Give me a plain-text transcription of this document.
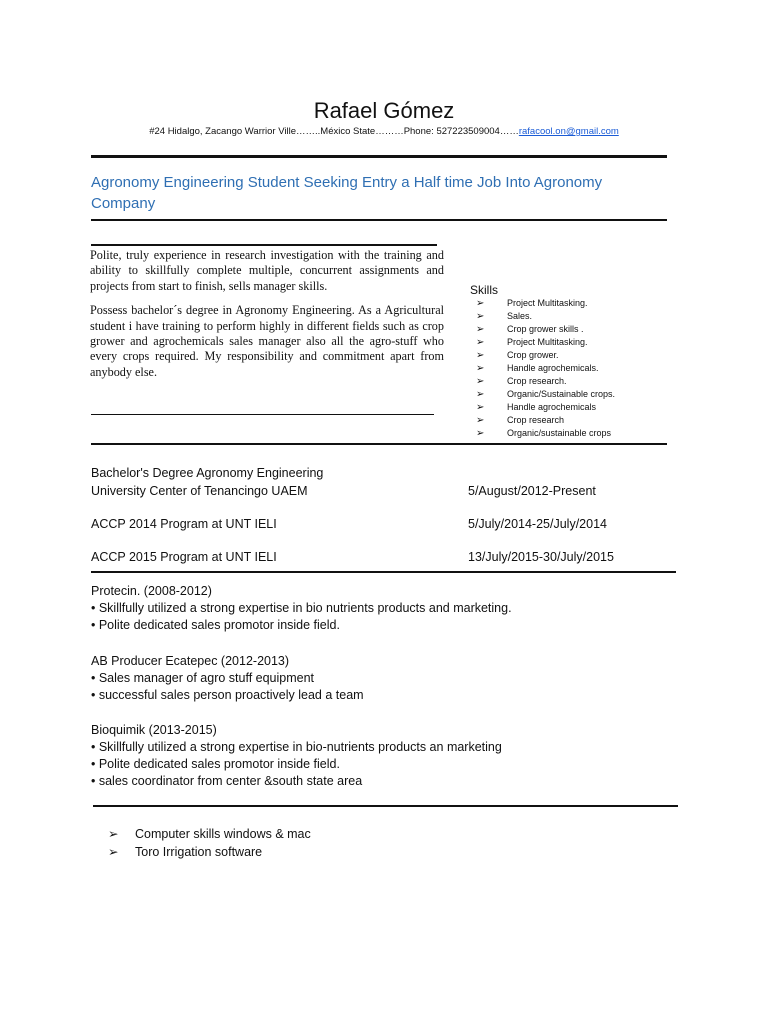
Rafael Gómez
#24 Hidalgo, Zacango Warrior Ville……..México State………Phone: 527223509004……rafacool.on@gmail.com
Agronomy Engineering Student Seeking Entry a Half time Job Into Agronomy Company

Polite, truly experience in research investigation with the training and ability to skillfully complete multiple, concurrent assignments and projects from start to finish, sells manager skills.

Possess bachelor´s degree in Agronomy Engineering. As a Agricultural student i have training to perform highly in different fields such as crop grower and agrochemicals sales manager also all the agro-stuff who every crops required. My responsibility and commitment apart from anybody else.

Skills
➢	Project Multitasking.
➢	Sales.
➢	Crop grower skills .
➢	Project Multitasking.
➢	Crop grower.
➢	Handle agrochemicals.
➢	Crop research.
➢	Organic/Sustainable crops.
➢	Handle agrochemicals
➢	Crop research
➢	Organic/sustainable crops
Bachelor's Degree Agronomy Engineering
University Center of Tenancingo UAEM	5/August/2012-Present
ACCP 2014 Program at UNT IELI	5/July/2014-25/July/2014
ACCP 2015 Program at UNT IELI	13/July/2015-30/July/2015
Protecin. (2008-2012)
• Skillfully utilized a strong expertise in bio nutrients products and marketing.
• Polite dedicated sales promotor inside field.
AB Producer Ecatepec (2012-2013)
• Sales manager of agro stuff equipment
• successful sales person proactively lead a team
Bioquimik (2013-2015)
• Skillfully utilized a strong expertise in bio-nutrients products an marketing
• Polite dedicated sales promotor inside field.
• sales coordinator from center &south state area
➢ Computer skills windows & mac
➢ Toro Irrigation software
